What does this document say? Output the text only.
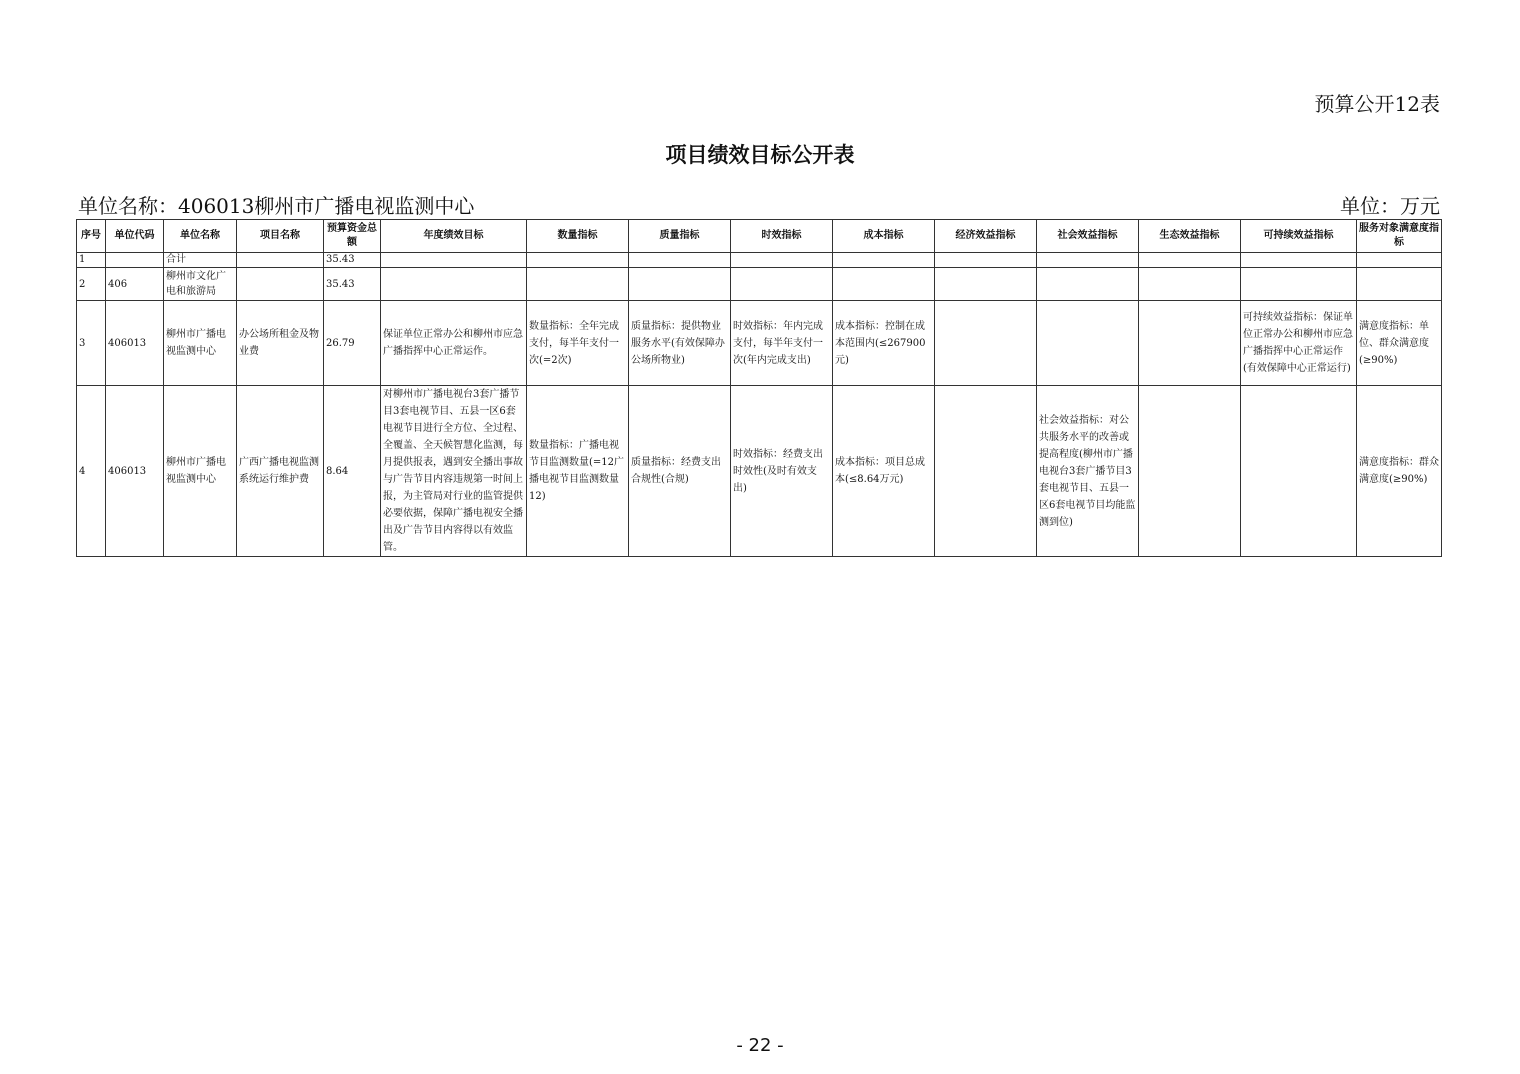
预算公开12表
项目绩效目标公开表
单位名称：406013柳州市广播电视监测中心	单位：万元
序号	单位代码	单位名称	项目名称	预算资金总额	年度绩效目标	数量指标	质量指标	时效指标	成本指标	经济效益指标	社会效益指标	生态效益指标	可持续效益指标	服务对象满意度指标
1		合计		35.43										
2	406	柳州市文化广电和旅游局		35.43										
3	406013	柳州市广播电视监测中心	办公场所租金及物业费	26.79	保证单位正常办公和柳州市应急广播指挥中心正常运作。	数量指标：全年完成支付，每半年支付一次(=2次)	质量指标：提供物业服务水平(有效保障办公场所物业)	时效指标：年内完成支付，每半年支付一次(年内完成支出)	成本指标：控制在成本范围内(≤267900元)				可持续效益指标：保证单位正常办公和柳州市应急广播指挥中心正常运作(有效保障中心正常运行)	满意度指标：单位、群众满意度(≥90%)
4	406013	柳州市广播电视监测中心	广西广播电视监测系统运行维护费	8.64	对柳州市广播电视台3套广播节目3套电视节目、五县一区6套电视节目进行全方位、全过程、全覆盖、全天候智慧化监测，每月提供报表，遇到安全播出事故与广告节目内容违规第一时间上报，为主管局对行业的监管提供必要依据，保障广播电视安全播出及广告节目内容得以有效监管。	数量指标：广播电视节目监测数量(=12广播电视节目监测数量12)	质量指标：经费支出合规性(合规)	时效指标：经费支出时效性(及时有效支出)	成本指标：项目总成本(≤8.64万元)		社会效益指标：对公共服务水平的改善或提高程度(柳州市广播电视台3套广播节目3套电视节目、五县一区6套电视节目均能监测到位)			满意度指标：群众满意度(≥90%)
- 22 -
